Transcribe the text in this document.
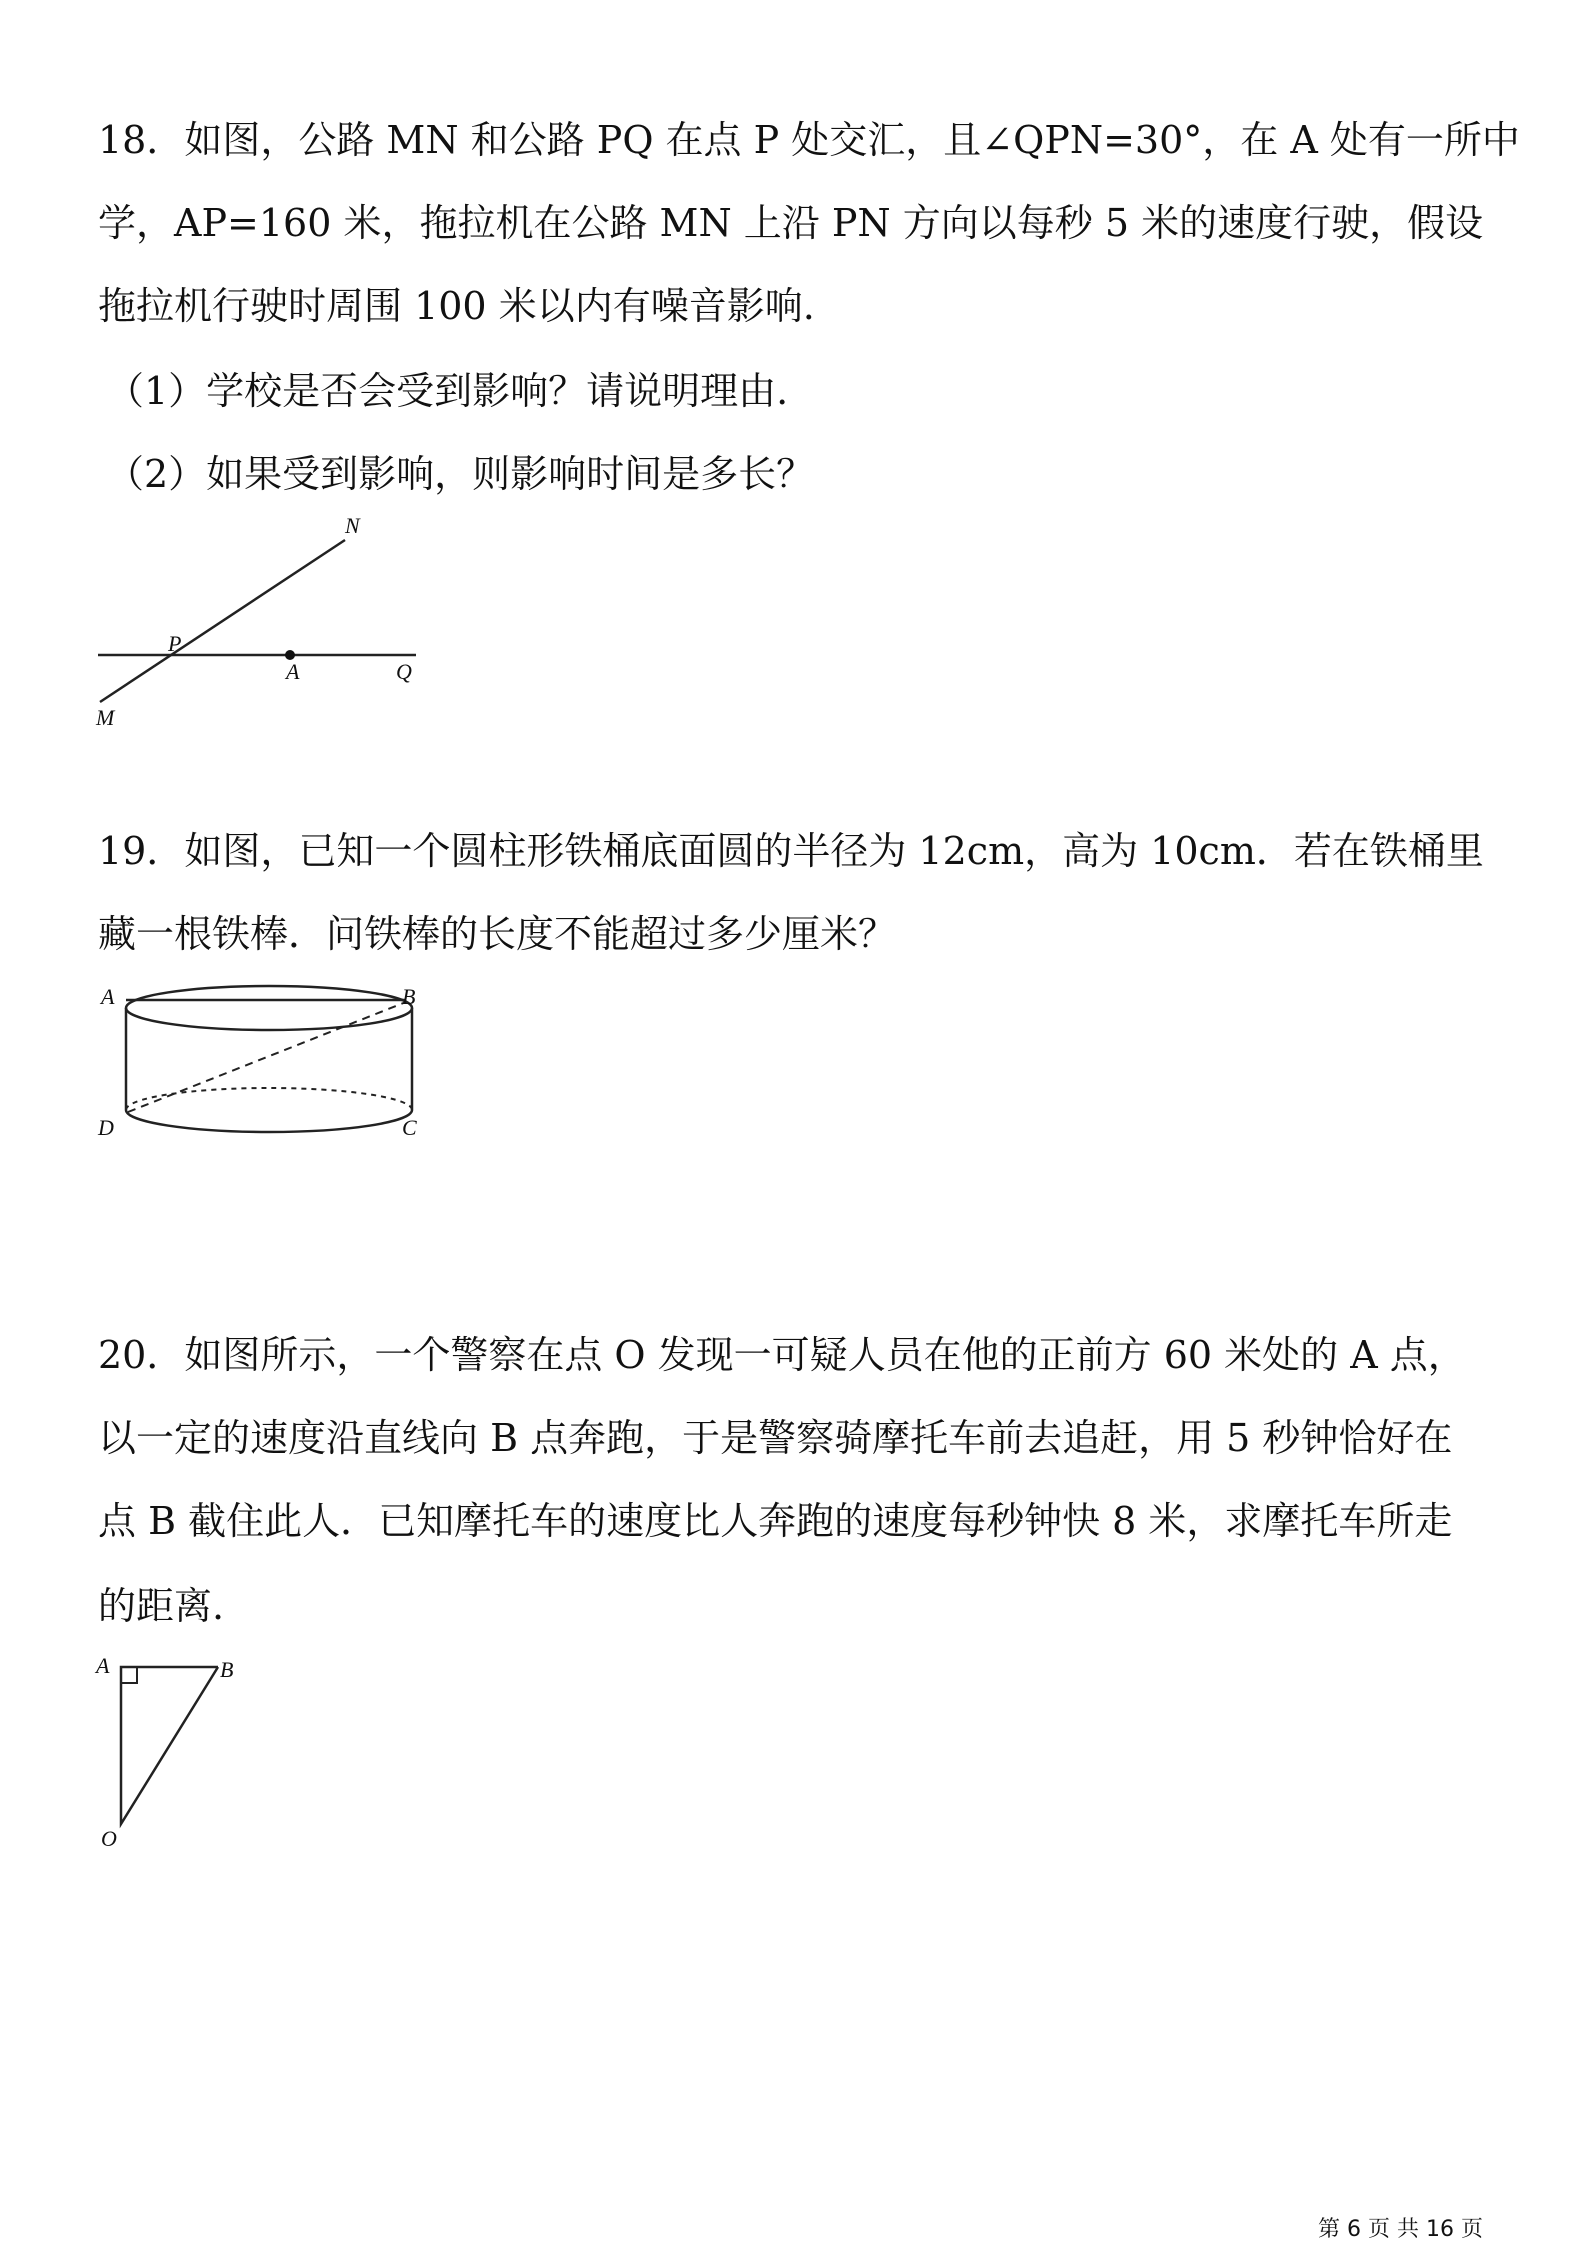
18．如图，公路 MN 和公路 PQ 在点 P 处交汇，且∠QPN=30°，在 A 处有一所中
学，AP=160 米，拖拉机在公路 MN 上沿 PN 方向以每秒 5 米的速度行驶，假设
拖拉机行驶时周围 100 米以内有噪音影响.
（1）学校是否会受到影响？请说明理由.
（2）如果受到影响，则影响时间是多长？
N
P
A	Q
M
19．如图，已知一个圆柱形铁桶底面圆的半径为 12cm，高为 10cm．若在铁桶里
藏一根铁棒．问铁棒的长度不能超过多少厘米？
A	B
D	C
20．如图所示，一个警察在点 O 发现一可疑人员在他的正前方 60 米处的 A 点，
以一定的速度沿直线向 B 点奔跑，于是警察骑摩托车前去追赶，用 5 秒钟恰好在
点 B 截住此人．已知摩托车的速度比人奔跑的速度每秒钟快 8 米，求摩托车所走
的距离.
A	B
O
第 6 页 共 16 页
